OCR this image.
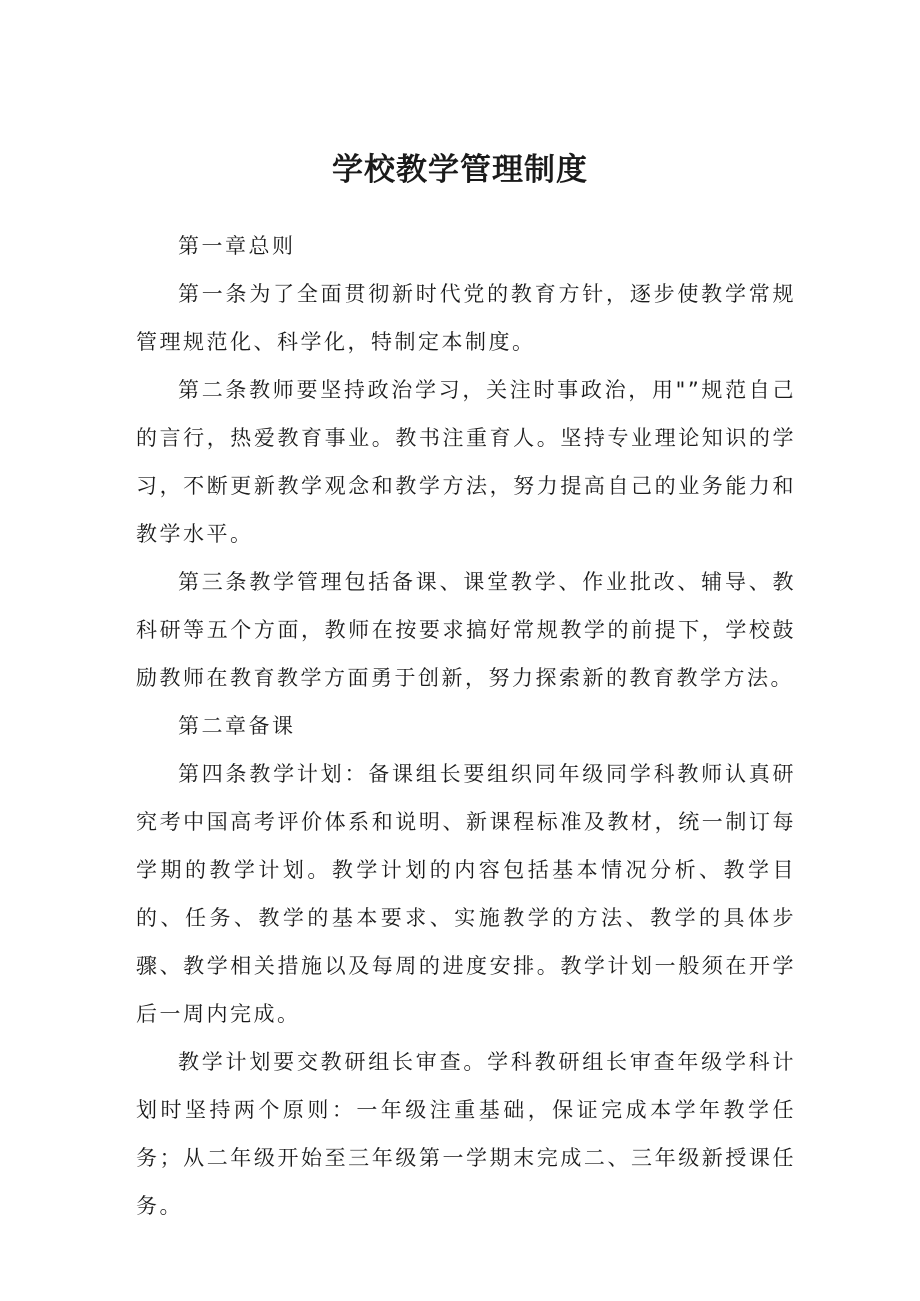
学校教学管理制度

第一章总则

第一条为了全面贯彻新时代党的教育方针，逐步使教学常规管理规范化、科学化，特制定本制度。

第二条教师要坚持政治学习，关注时事政治，用"”规范自己的言行，热爱教育事业。教书注重育人。坚持专业理论知识的学习，不断更新教学观念和教学方法，努力提高自己的业务能力和教学水平。

第三条教学管理包括备课、课堂教学、作业批改、辅导、教科研等五个方面，教师在按要求搞好常规教学的前提下，学校鼓励教师在教育教学方面勇于创新，努力探索新的教育教学方法。

第二章备课

第四条教学计划：备课组长要组织同年级同学科教师认真研究考中国高考评价体系和说明、新课程标准及教材，统一制订每学期的教学计划。教学计划的内容包括基本情况分析、教学目的、任务、教学的基本要求、实施教学的方法、教学的具体步骤、教学相关措施以及每周的进度安排。教学计划一般须在开学后一周内完成。

教学计划要交教研组长审查。学科教研组长审查年级学科计划时坚持两个原则：一年级注重基础，保证完成本学年教学任务；从二年级开始至三年级第一学期末完成二、三年级新授课任务。
